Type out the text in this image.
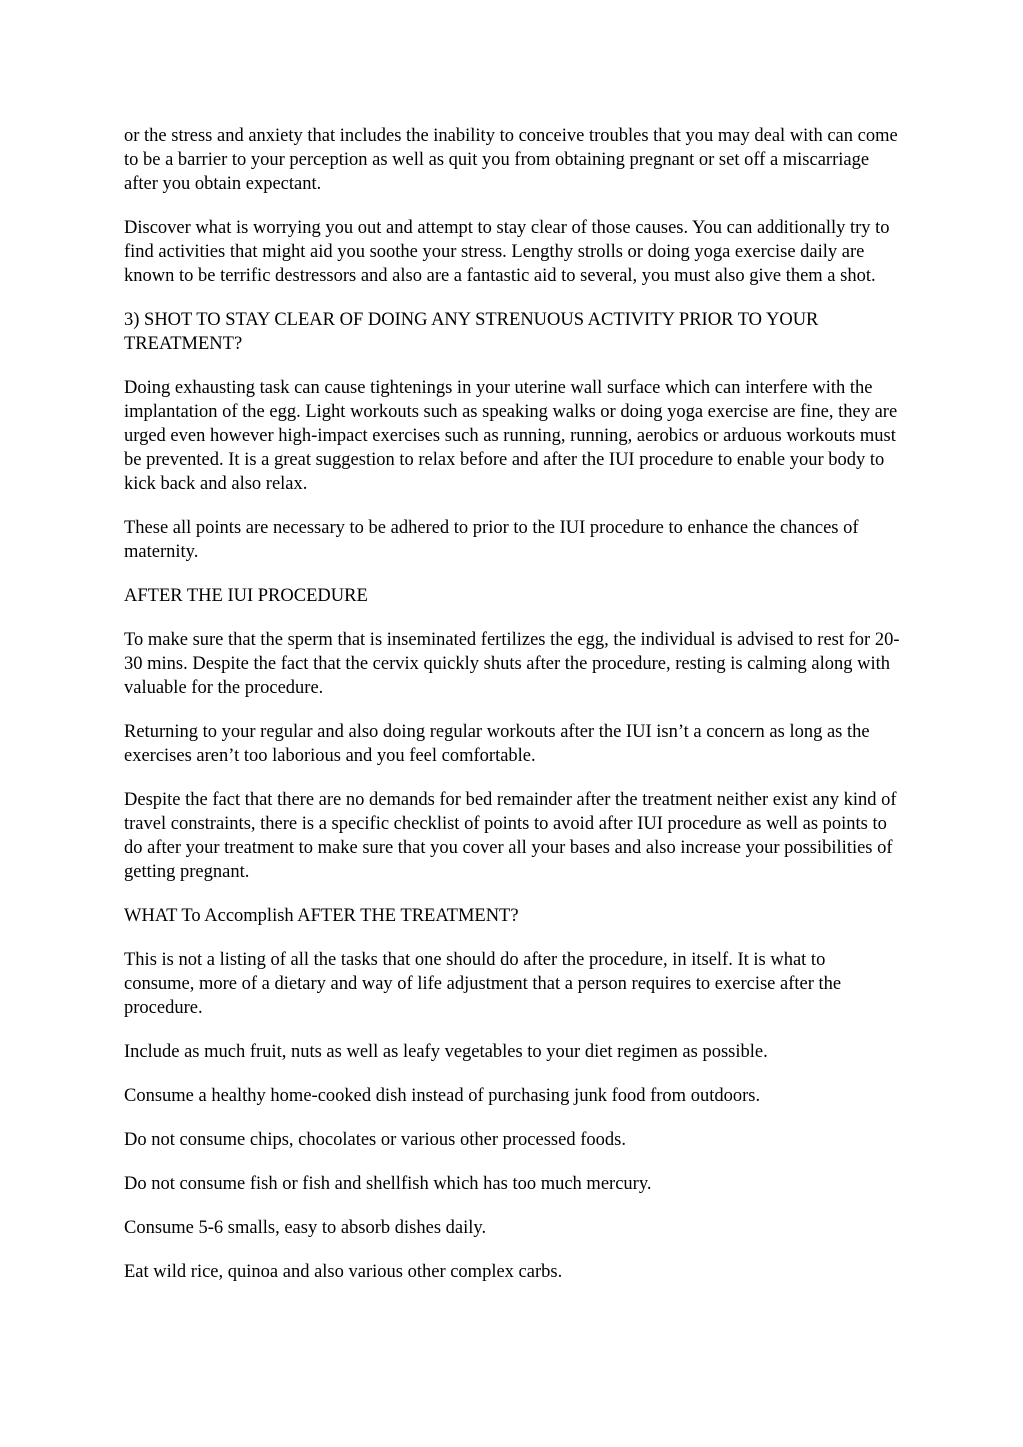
or the stress and anxiety that includes the inability to conceive troubles that you may deal with can come to be a barrier to your perception as well as quit you from obtaining pregnant or set off a miscarriage after you obtain expectant.

Discover what is worrying you out and attempt to stay clear of those causes. You can additionally try to find activities that might aid you soothe your stress. Lengthy strolls or doing yoga exercise daily are known to be terrific destressors and also are a fantastic aid to several, you must also give them a shot.

3) SHOT TO STAY CLEAR OF DOING ANY STRENUOUS ACTIVITY PRIOR TO YOUR TREATMENT?

Doing exhausting task can cause tightenings in your uterine wall surface which can interfere with the implantation of the egg. Light workouts such as speaking walks or doing yoga exercise are fine, they are urged even however high-impact exercises such as running, running, aerobics or arduous workouts must be prevented. It is a great suggestion to relax before and after the IUI procedure to enable your body to kick back and also relax.

These all points are necessary to be adhered to prior to the IUI procedure to enhance the chances of maternity.

AFTER THE IUI PROCEDURE

To make sure that the sperm that is inseminated fertilizes the egg, the individual is advised to rest for 20-30 mins. Despite the fact that the cervix quickly shuts after the procedure, resting is calming along with valuable for the procedure.

Returning to your regular and also doing regular workouts after the IUI isn’t a concern as long as the exercises aren’t too laborious and you feel comfortable.

Despite the fact that there are no demands for bed remainder after the treatment neither exist any kind of travel constraints, there is a specific checklist of points to avoid after IUI procedure as well as points to do after your treatment to make sure that you cover all your bases and also increase your possibilities of getting pregnant.

WHAT To Accomplish AFTER THE TREATMENT?

This is not a listing of all the tasks that one should do after the procedure, in itself. It is what to consume, more of a dietary and way of life adjustment that a person requires to exercise after the procedure.

Include as much fruit, nuts as well as leafy vegetables to your diet regimen as possible.

Consume a healthy home-cooked dish instead of purchasing junk food from outdoors.

Do not consume chips, chocolates or various other processed foods.

Do not consume fish or fish and shellfish which has too much mercury.

Consume 5-6 smalls, easy to absorb dishes daily.

Eat wild rice, quinoa and also various other complex carbs.
